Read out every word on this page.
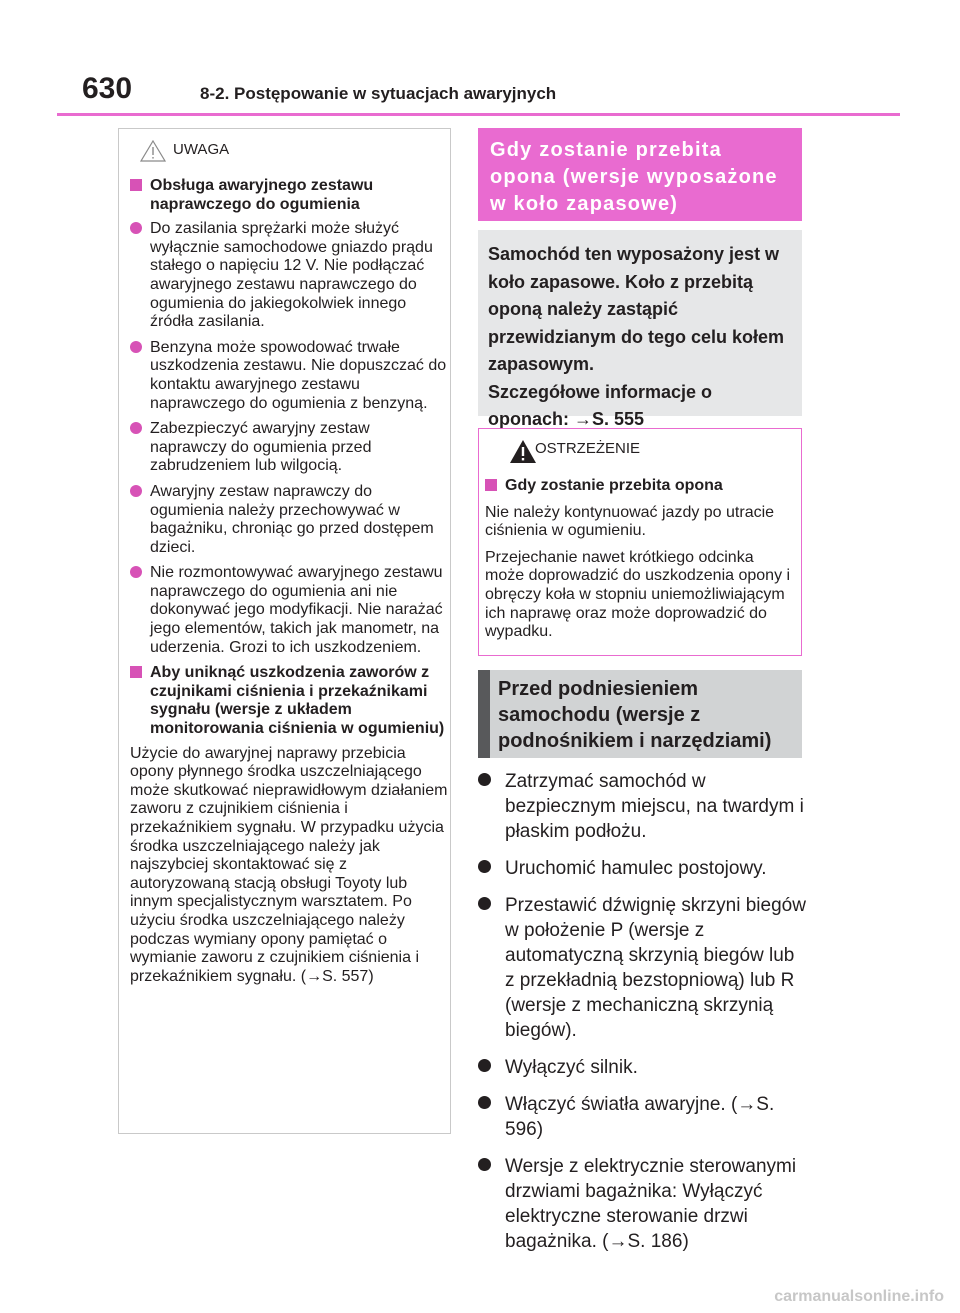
630	8-2. Postępowanie w sytuacjach awaryjnych

Obsługa awaryjnego zestawu naprawczego do ogumienia

Do zasilania sprężarki może służyć wyłącznie samochodowe gniazdo prądu stałego o napięciu 12 V. Nie podłączać awaryjnego zestawu naprawczego do ogumienia do jakiegokolwiek innego źródła zasilania.

Benzyna może spowodować trwałe uszkodzenia zestawu. Nie dopuszczać do kontaktu awaryjnego zestawu naprawczego do ogumienia z benzyną.

Zabezpieczyć awaryjny zestaw naprawczy do ogumienia przed zabrudzeniem lub wilgocią.

Awaryjny zestaw naprawczy do ogumienia należy przechowywać w bagażniku, chroniąc go przed dostępem dzieci.

Nie rozmontowywać awaryjnego zestawu naprawczego do ogumienia ani nie dokonywać jego modyfikacji. Nie narażać jego elementów, takich jak manometr, na uderzenia. Grozi to ich uszkodzeniem.

Aby uniknąć uszkodzenia zaworów z czujnikami ciśnienia i przekaźnikami sygnału (wersje z układem monitorowania ciśnienia w ogumieniu)

Użycie do awaryjnej naprawy przebicia opony płynnego środka uszczelniającego może skutkować nieprawidłowym działaniem zaworu z czujnikiem ciśnienia i przekaźnikiem sygnału. W przypadku użycia środka uszczelniającego należy jak najszybciej skontaktować się z autoryzowaną stacją obsługi Toyoty lub innym specjalistycznym warsztatem. Po użyciu środka uszczelniającego należy podczas wymiany opony pamiętać o wymianie zaworu z czujnikiem ciśnienia i przekaźnikiem sygnału. (→S. 557)

UWAGA	Gdy zostanie przebita opona (wersje wyposażone w koło zapasowe)
Samochód ten wyposażony jest w koło zapasowe. Koło z przebitą oponą należy zastąpić przewidzianym do tego celu kołem zapasowym.
Szczegółowe informacje o oponach: →S. 555
OSTRZEŻENIE

Gdy zostanie przebita opona

Nie należy kontynuować jazdy po utracie ciśnienia w ogumieniu.

Przejechanie nawet krótkiego odcinka może doprowadzić do uszkodzenia opony i obręczy koła w stopniu uniemożliwiającym ich naprawę oraz może doprowadzić do wypadku.

Przed podniesieniem samochodu (wersje z podnośnikiem i narzędziami)

Zatrzymać samochód w bezpiecznym miejscu, na twardym i płaskim podłożu.

Uruchomić hamulec postojowy.

Przestawić dźwignię skrzyni biegów w położenie P (wersje z automatyczną skrzynią biegów lub z przekładnią bezstopniową) lub R (wersje z mechaniczną skrzynią biegów).

Wyłączyć silnik.

Włączyć światła awaryjne. (→S. 596)

Wersje z elektrycznie sterowanymi drzwiami bagażnika: Wyłączyć elektryczne sterowanie drzwi bagażnika. (→S. 186)

carmanualsonline.info
